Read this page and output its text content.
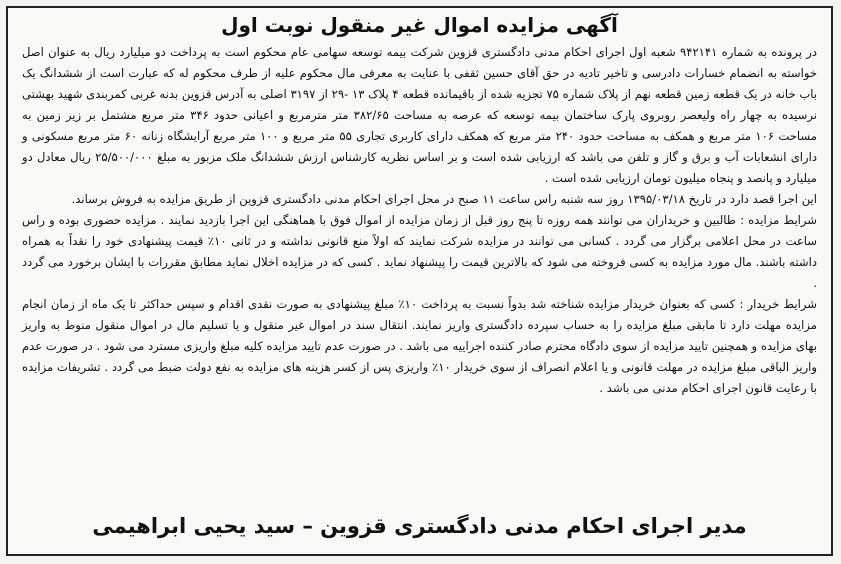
آگهی مزایده اموال غیر منقول نوبت اول

در پرونده به شماره ۹۴۲۱۴۱ شعبه اول اجرای احکام مدنی دادگستری قزوین شرکت بیمه توسعه سهامی عام محکوم است به پرداخت دو میلیارد ریال به عنوان اصل خواسته به انضمام خسارات دادرسی و تاخیر تادیه در حق آقای حسین ثقفی با عنایت به معرفی مال محکوم علیه از طرف محکوم له که عبارت است از ششدانگ یک باب خانه در یک قطعه زمین قطعه نهم از پلاک شماره ۷۵ تجزیه شده از باقیمانده قطعه ۴ پلاک ۱۳ -۲۹ از ۳۱۹۷ اصلی به آدرس قزوین بدنه غربی کمربندی شهید بهشتی نرسیده به چهار راه ولیعصر روبروی پارک ساختمان بیمه توسعه که عرصه به مساحت ۳۸۲/۶۵ متر مترمربع و اعیانی حدود ۳۴۶ متر مربع مشتمل بر زیر زمین به مساحت ۱۰۶ متر مربع و همکف به مساحت حدود ۲۴۰ متر مربع که همکف دارای کاربری تجاری ۵۵ متر مربع و ۱۰۰ متر مربع آرایشگاه زنانه ۶۰ متر مربع مسکونی و دارای انشعابات آب و برق و گاز و تلفن می باشد که ارزیابی شده است و بر اساس نظریه کارشناس ارزش ششدانگ ملک مزبور به مبلغ ۲۵/۵۰۰/۰۰۰ ریال معادل دو میلیارد و پانصد و پنجاه میلیون تومان ارزیابی شده است .

این اجرا قصد دارد در تاریخ ۱۳۹۵/۰۳/۱۸ روز سه شنبه راس ساعت ۱۱ صبح در محل اجرای احکام مدنی دادگستری قزوین از طریق مزایده به فروش برساند.

شرایط مزایده : طالبین و خریداران می توانند همه روزه تا پنج روز قبل از زمان مزایده از اموال فوق با هماهنگی این اجرا بازدید نمایند . مزایده حضوری بوده و راس ساعت در محل اعلامی برگزار می گردد . کسانی می توانند در مزایده شرکت نمایند که اولاً منع قانونی نداشته و در ثانی ۱۰٪ قیمت پیشنهادی خود را نقداً به همراه داشته باشند. مال مورد مزایده به کسی فروخته می شود که بالاترین قیمت را پیشنهاد نماید . کسی که در مزایده اخلال نماید مطابق مقررات با ایشان برخورد می گردد .

شرایط خریدار : کسی که بعنوان خریدار مزایده شناخته شد بدواً نسبت به پرداخت ۱۰٪ مبلغ پیشنهادی به صورت نقدی اقدام و سپس حداکثر تا یک ماه از زمان انجام مزایده مهلت دارد تا مابقی مبلغ مزایده را به حساب سپرده دادگستری واریز نمایند. انتقال سند در اموال غیر منقول و یا تسلیم مال در اموال منقول منوط به واریز بهای مزایده و همچنین تایید مزایده از سوی دادگاه محترم صادر کننده اجراییه می باشد . در صورت عدم تایید مزایده کلیه مبلغ واریزی مسترد می شود . در صورت عدم واریز الباقی مبلغ مزایده در مهلت قانونی و یا اعلام انصراف از سوی خریدار ۱۰٪ واریزی پس از کسر هزینه های مزایده به نفع دولت ضبط می گردد . تشریفات مزایده با رعایت قانون اجرای احکام مدنی می باشد .

مدیر اجرای احکام مدنی دادگستری قزوین – سید یحیی ابراهیمی
